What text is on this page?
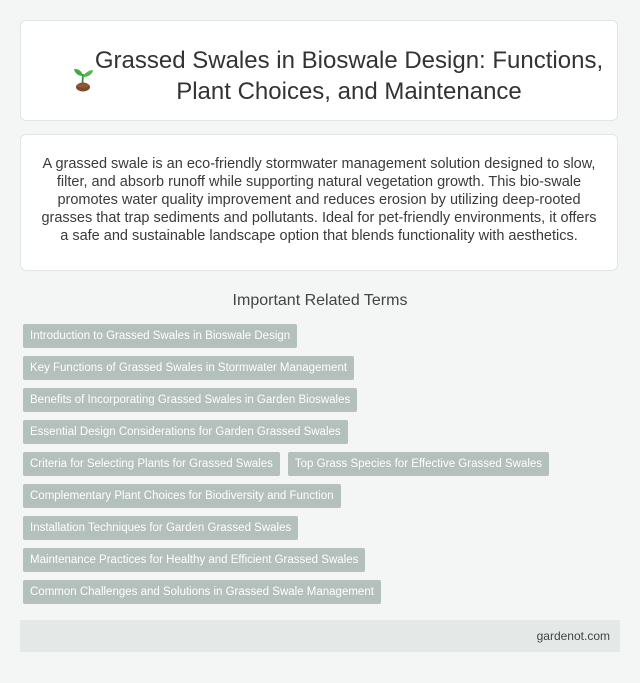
Grassed Swales in Bioswale Design: Functions, Plant Choices, and Maintenance

A grassed swale is an eco-friendly stormwater management solution designed to slow, filter, and absorb runoff while supporting natural vegetation growth. This bio-swale promotes water quality improvement and reduces erosion by utilizing deep-rooted grasses that trap sediments and pollutants. Ideal for pet-friendly environments, it offers a safe and sustainable landscape option that blends functionality with aesthetics.

Important Related Terms
Introduction to Grassed Swales in Bioswale Design
Key Functions of Grassed Swales in Stormwater Management
Benefits of Incorporating Grassed Swales in Garden Bioswales
Essential Design Considerations for Garden Grassed Swales
Criteria for Selecting Plants for Grassed Swales	Top Grass Species for Effective Grassed Swales
Complementary Plant Choices for Biodiversity and Function
Installation Techniques for Garden Grassed Swales
Maintenance Practices for Healthy and Efficient Grassed Swales
Common Challenges and Solutions in Grassed Swale Management
gardenot.com
